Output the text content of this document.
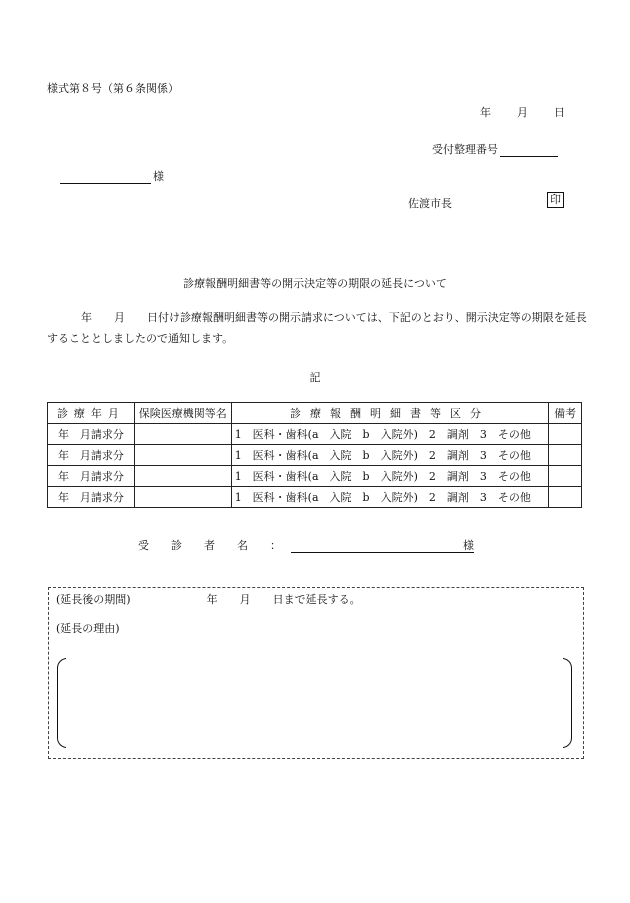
様式第８号（第６条関係）
年 月 日
受付整理番号
様
佐渡市長	印
診療報酬明細書等の開示決定等の期限の延長について
年　　月　　日付け診療報酬明細書等の開示請求については、下記のとおり、開示決定等の期限を延長することとしましたので通知します。
記
診療年月	保険医療機関等名	診療報酬明細書等区分	備考
年　月請求分		1　医科・歯科(a　入院　b　入院外)　2　調剤　3　その他	
年　月請求分		1　医科・歯科(a　入院　b　入院外)　2　調剤　3　その他	
年　月請求分		1　医科・歯科(a　入院　b　入院外)　2　調剤　3　その他	
年　月請求分		1　医科・歯科(a　入院　b　入院外)　2　調剤　3　その他	
受診者名：	様
(延長後の期間)	年　　月　　日まで延長する。
(延長の理由)
